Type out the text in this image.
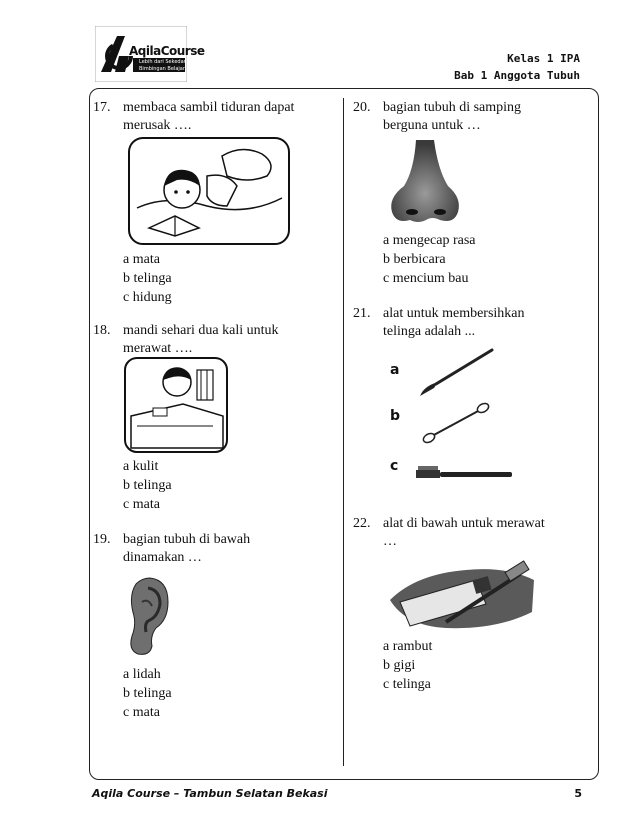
AqilaCourse
Lebih dari Sekedar
Bimbingan Belajar
Kelas 1 IPA
Bab 1 Anggota Tubuh
17. membaca sambil tiduran dapat
merusak ….
a mata
b telinga
c hidung
18. mandi sehari dua kali untuk
merawat ….
a kulit
b telinga
c mata
19. bagian tubuh di bawah
dinamakan …
a lidah
b telinga
c mata
20. bagian tubuh di samping
berguna untuk …
a mengecap rasa
b berbicara
c mencium bau
21. alat untuk membersihkan
telinga adalah ...
a
b
c
22. alat di bawah untuk merawat
…
a rambut
b gigi
c telinga
Aqila Course – Tambun Selatan Bekasi	5
